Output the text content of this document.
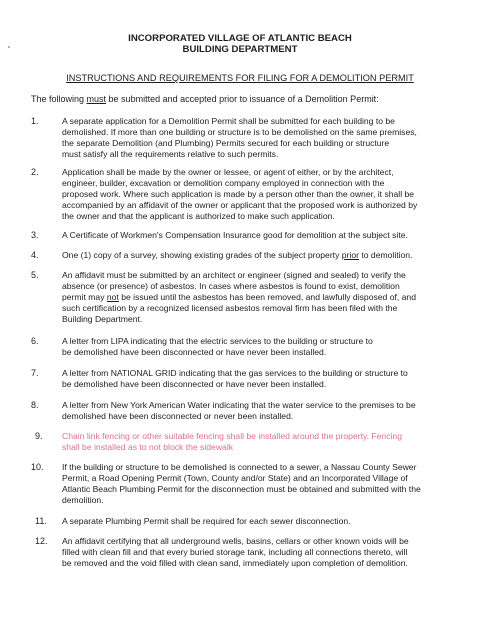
INCORPORATED VILLAGE OF ATLANTIC BEACH
BUILDING DEPARTMENT
INSTRUCTIONS AND REQUIREMENTS FOR FILING FOR A DEMOLITION PERMIT
The following must be submitted and accepted prior to issuance of a Demolition Permit:
1.	A separate application for a Demolition Permit shall be submitted for each building to be
demolished. If more than one building or structure is to be demolished on the same premises,
the separate Demolition (and Plumbing) Permits secured for each building or structure
must satisfy all the requirements relative to such permits.
2.	Application shall be made by the owner or lessee, or agent of either, or by the architect,
engineer, builder, excavation or demolition company employed in connection with the
proposed work. Where such application is made by a person other than the owner, it shall be
accompanied by an affidavit of the owner or applicant that the proposed work is authorized by
the owner and that the applicant is authorized to make such application.
3.	A Certificate of Workmen's Compensation Insurance good for demolition at the subject site.
4.	One (1) copy of a survey, showing existing grades of the subject property prior to demolition.
5.	An affidavit must be submitted by an architect or engineer (signed and sealed) to verify the
absence (or presence) of asbestos. In cases where asbestos is found to exist, demolition
permit may not be issued until the asbestos has been removed, and lawfully disposed of, and
such certification by a recognized licensed asbestos removal firm has been filed with the
Building Department.
6.	A letter from LIPA indicating that the electric services to the building or structure to
be demolished have been disconnected or have never been installed.
7.	A letter from NATIONAL GRID indicating that the gas services to the building or structure to
be demolished have been disconnected or have never been installed.
8.	A letter from New York American Water indicating that the water service to the premises to be
demolished have been disconnected or never been installed.
9.	Chain link fencing or other suitable fencing shall be installed around the property. Fencing
shall be installed as to not block the sidewalk
10.	If the building or structure to be demolished is connected to a sewer, a Nassau County Sewer
Permit, a Road Opening Permit (Town, County and/or State) and an Incorporated Village of
Atlantic Beach Plumbing Permit for the disconnection must be obtained and submitted with the
demolition.
11.	A separate Plumbing Permit shall be required for each sewer disconnection.
12.	An affidavit certifying that all underground wells, basins, cellars or other known voids will be
filled with clean fill and that every buried storage tank, including all connections thereto, will
be removed and the void filled with clean sand, immediately upon completion of demolition.
